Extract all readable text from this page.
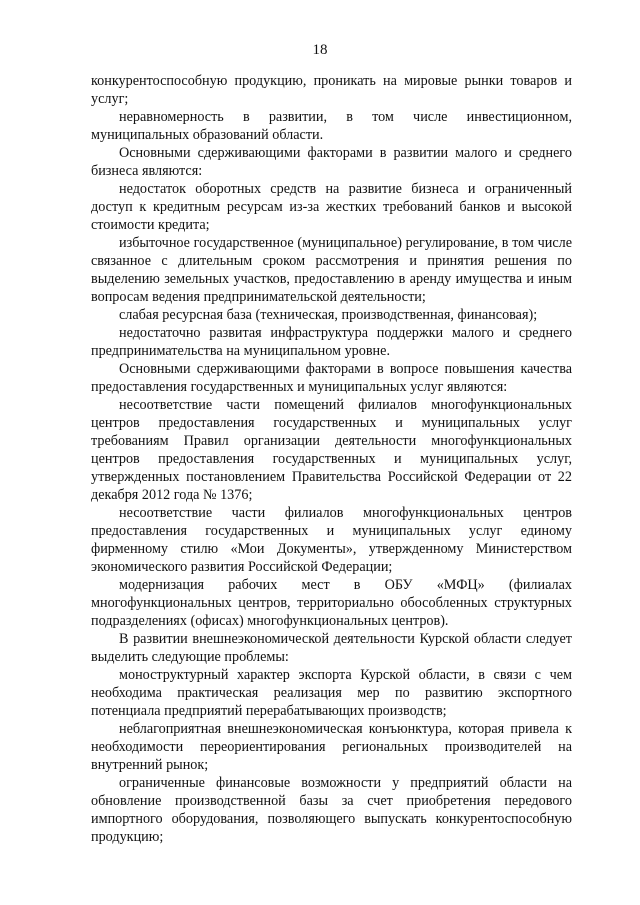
18

конкурентоспособную продукцию, проникать на мировые рынки товаров и услуг;

неравномерность в развитии, в том числе инвестиционном, муниципальных образований области.

Основными сдерживающими факторами в развитии малого и среднего бизнеса являются:

недостаток оборотных средств на развитие бизнеса и ограниченный доступ к кредитным ресурсам из-за жестких требований банков и высокой стоимости кредита;

избыточное государственное (муниципальное) регулирование, в том числе связанное с длительным сроком рассмотрения и принятия решения по выделению земельных участков, предоставлению в аренду имущества и иным вопросам ведения предпринимательской деятельности;

слабая ресурсная база (техническая, производственная, финансовая);

недостаточно развитая инфраструктура поддержки малого и среднего предпринимательства на муниципальном уровне.

Основными сдерживающими факторами в вопросе повышения качества предоставления государственных и муниципальных услуг являются:

несоответствие части помещений филиалов многофункциональных центров предоставления государственных и муниципальных услуг требованиям Правил организации деятельности многофункциональных центров предоставления государственных и муниципальных услуг, утвержденных постановлением Правительства Российской Федерации от 22 декабря 2012 года № 1376;

несоответствие части филиалов многофункциональных центров предоставления государственных и муниципальных услуг единому фирменному стилю «Мои Документы», утвержденному Министерством экономического развития Российской Федерации;

модернизация рабочих мест в ОБУ «МФЦ» (филиалах многофункциональных центров, территориально обособленных структурных подразделениях (офисах) многофункциональных центров).

В развитии внешнеэкономической деятельности Курской области следует выделить следующие проблемы:

моноструктурный характер экспорта Курской области, в связи с чем необходима практическая реализация мер по развитию экспортного потенциала предприятий перерабатывающих производств;

неблагоприятная внешнеэкономическая конъюнктура, которая привела к необходимости переориентирования региональных производителей на внутренний рынок;

ограниченные финансовые возможности у предприятий области на обновление производственной базы за счет приобретения передового импортного оборудования, позволяющего выпускать конкурентоспособную продукцию;
